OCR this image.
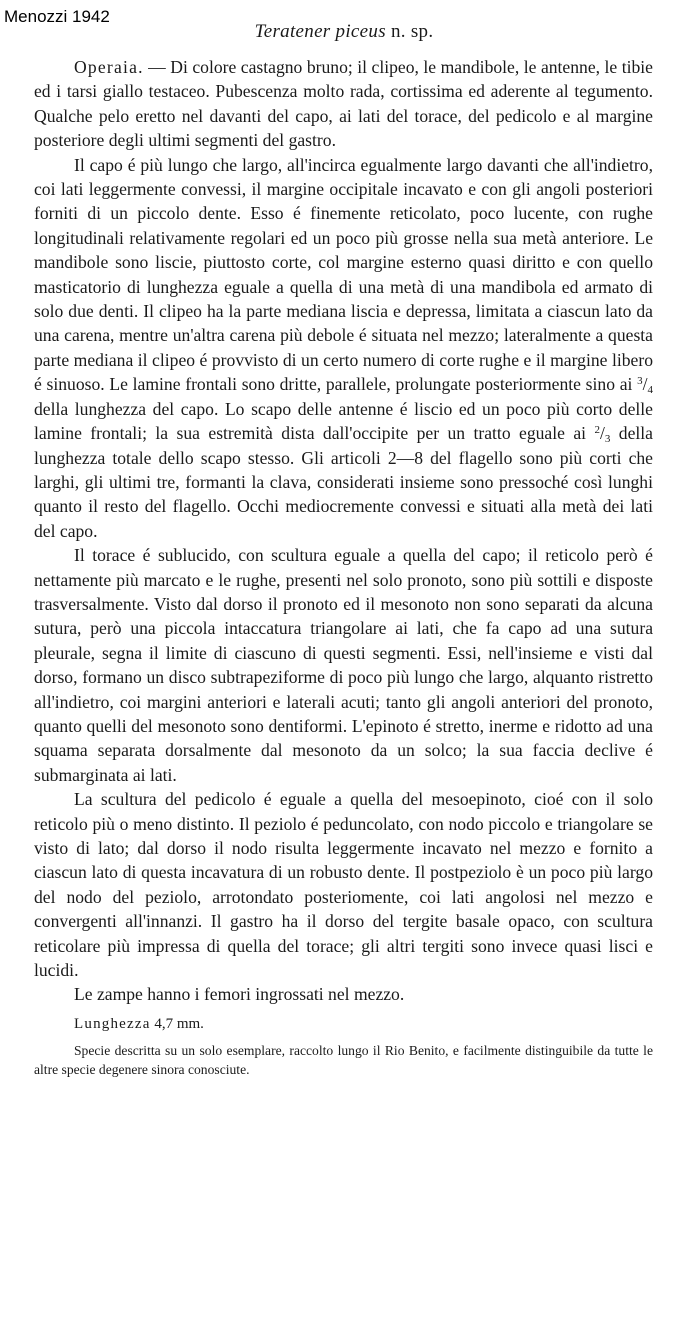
Menozzi 1942
Teratener piceus n. sp.

Operaia. — Di colore castagno bruno; il clipeo, le mandibole, le antenne, le tibie ed i tarsi giallo testaceo. Pubescenza molto rada, cortissima ed aderente al tegumento. Qualche pelo eretto nel davanti del capo, ai lati del torace, del pedicolo e al margine posteriore degli ultimi segmenti del gastro.

Il capo é più lungo che largo, all'incirca egualmente largo davanti che all'indietro, coi lati leggermente convessi, il margine occipitale incavato e con gli angoli posteriori forniti di un piccolo dente. Esso é finemente reticolato, poco lucente, con rughe longitudinali relativamente regolari ed un poco più grosse nella sua metà anteriore. Le mandibole sono liscie, piuttosto corte, col margine esterno quasi diritto e con quello masticatorio di lunghezza eguale a quella di una metà di una mandibola ed armato di solo due denti. Il clipeo ha la parte mediana liscia e depressa, limitata a ciascun lato da una carena, mentre un'altra carena più debole é situata nel mezzo; lateralmente a questa parte mediana il clipeo é provvisto di un certo numero di corte rughe e il margine libero é sinuoso. Le lamine frontali sono dritte, parallele, prolungate posteriormente sino ai $^3/_4$ della lunghezza del capo. Lo scapo delle antenne é liscio ed un poco più corto delle lamine frontali; la sua estremità dista dall'occipite per un tratto eguale ai $^2/_3$ della lunghezza totale dello scapo stesso. Gli articoli 2—8 del flagello sono più corti che larghi, gli ultimi tre, formanti la clava, considerati insieme sono pressoché così lunghi quanto il resto del flagello. Occhi mediocremente convessi e situati alla metà dei lati del capo.

Il torace é sublucido, con scultura eguale a quella del capo; il reticolo però é nettamente più marcato e le rughe, presenti nel solo pronoto, sono più sottili e disposte trasversalmente. Visto dal dorso il pronoto ed il mesonoto non sono separati da alcuna sutura, però una piccola intaccatura triangolare ai lati, che fa capo ad una sutura pleurale, segna il limite di ciascuno di questi segmenti. Essi, nell'insieme e visti dal dorso, formano un disco subtrapeziforme di poco più lungo che largo, alquanto ristretto all'indietro, coi margini anteriori e laterali acuti; tanto gli angoli anteriori del pronoto, quanto quelli del mesonoto sono dentiformi. L'epinoto é stretto, inerme e ridotto ad una squama separata dorsalmente dal mesonoto da un solco; la sua faccia declive é submarginata ai lati.

La scultura del pedicolo é eguale a quella del mesoepinoto, cioé con il solo reticolo più o meno distinto. Il peziolo é peduncolato, con nodo piccolo e triangolare se visto di lato; dal dorso il nodo risulta leggermente incavato nel mezzo e fornito a ciascun lato di questa incavatura di un robusto dente. Il postpeziolo è un poco più largo del nodo del peziolo, arrotondato posteriomente, coi lati angolosi nel mezzo e convergenti all'innanzi. Il gastro ha il dorso del tergite basale opaco, con scultura reticolare più impressa di quella del torace; gli altri tergiti sono invece quasi lisci e lucidi.

Le zampe hanno i femori ingrossati nel mezzo.

Lunghezza 4,7 mm.

Specie descritta su un solo esemplare, raccolto lungo il Rio Benito, e facilmente distinguibile da tutte le altre specie degenere sinora conosciute.
